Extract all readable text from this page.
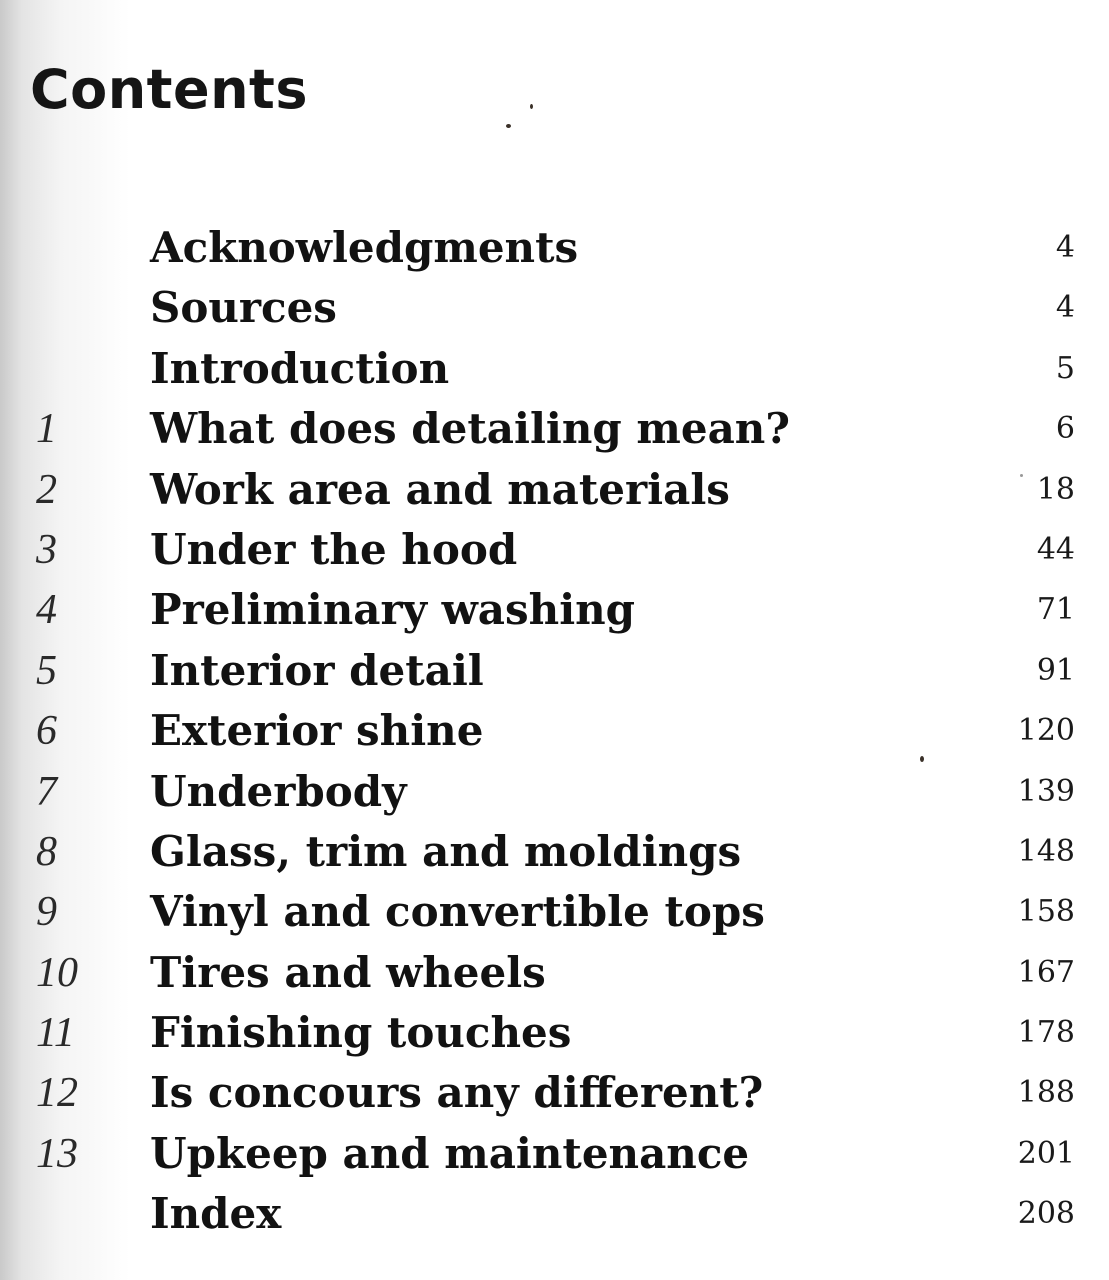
Contents
Acknowledgments	4
Sources	4
Introduction	5
1	What does detailing mean?	6
2	Work area and materials	18
3	Under the hood	44
4	Preliminary washing	71
5	Interior detail	91
6	Exterior shine	120
7	Underbody	139
8	Glass, trim and moldings	148
9	Vinyl and convertible tops	158
10	Tires and wheels	167
11	Finishing touches	178
12	Is concours any different?	188
13	Upkeep and maintenance	201
Index	208
